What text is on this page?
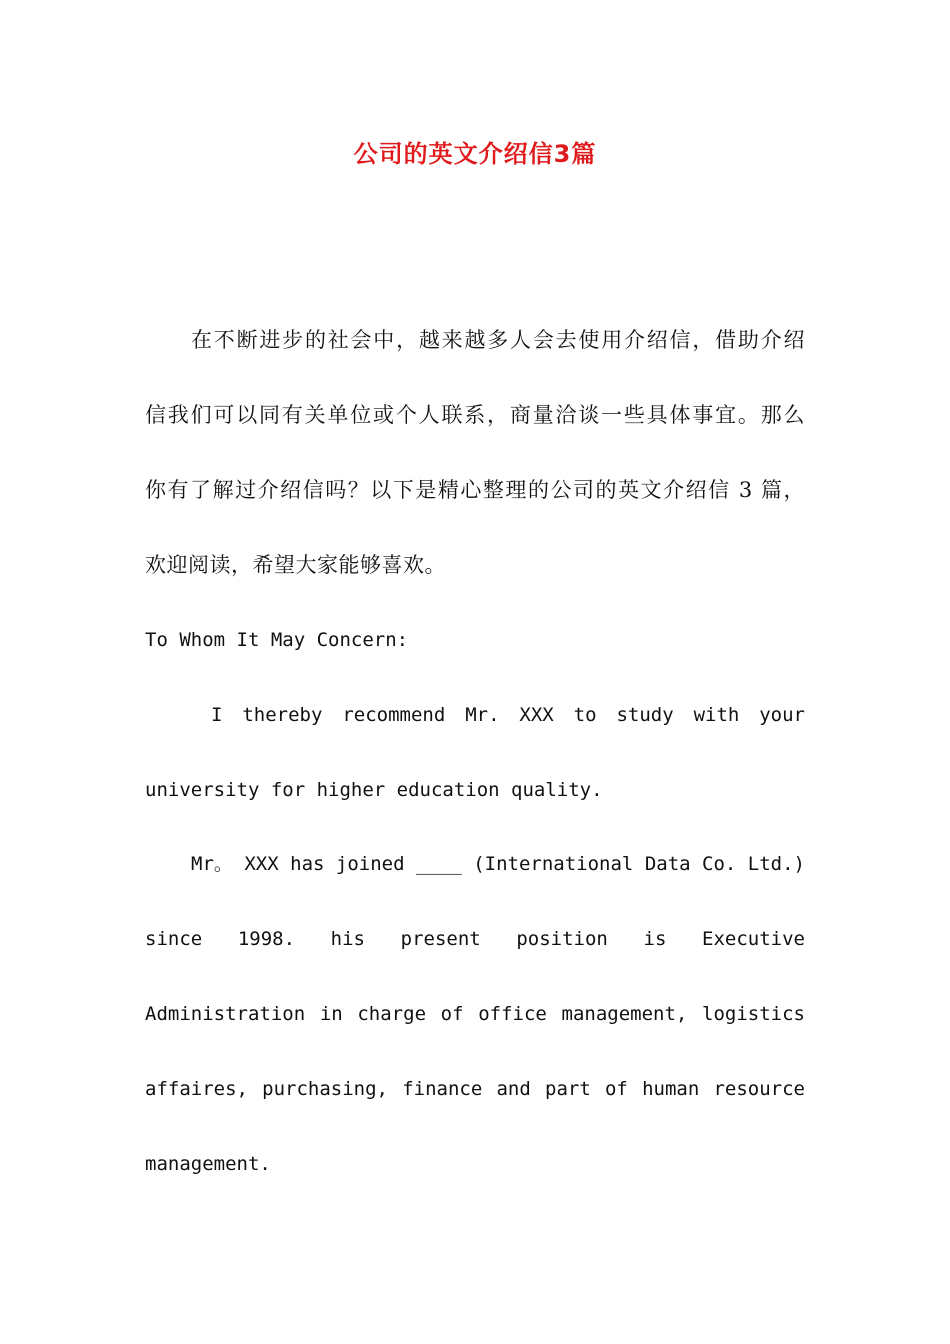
公司的英文介绍信3篇
在不断进步的社会中，越来越多人会去使用介绍信，借助介绍
信我们可以同有关单位或个人联系，商量洽谈一些具体事宜。那么
你有了解过介绍信吗？以下是精心整理的公司的英文介绍信 3 篇，
欢迎阅读，希望大家能够喜欢。
To Whom It May Concern:
I thereby recommend Mr. XXX to study with your
university for higher education quality.
Mr。 XXX has joined ____ (International Data Co. Ltd.)
since 1998. his present position is Executive
Administration in charge of office management, logistics
affaires, purchasing, finance and part of human resource
management.
